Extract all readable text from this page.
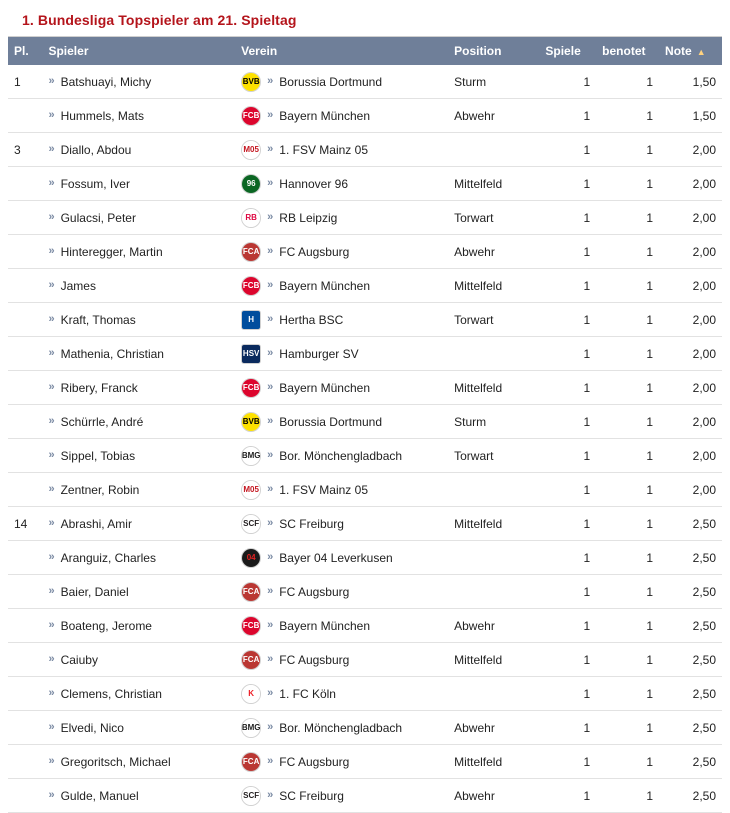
1. Bundesliga Topspieler am 21. Spieltag
Pl.	Spieler	Verein	Position	Spiele	benotet	Note ▲
1	» Batshuayi, Michy	BVB » Borussia Dortmund	Sturm	1	1	1,50

	» Hummels, Mats	FCB » Bayern München	Abwehr	1	1	1,50
3	» Diallo, Abdou	M05 » 1. FSV Mainz 05		1	1	2,00

	» Fossum, Iver	96 » Hannover 96	Mittelfeld	1	1	2,00

	» Gulacsi, Peter	RB » RB Leipzig	Torwart	1	1	2,00

	» Hinteregger, Martin	FCA » FC Augsburg	Abwehr	1	1	2,00

	» James	FCB » Bayern München	Mittelfeld	1	1	2,00

	» Kraft, Thomas	H » Hertha BSC	Torwart	1	1	2,00

	» Mathenia, Christian	HSV » Hamburger SV		1	1	2,00

	» Ribery, Franck	FCB » Bayern München	Mittelfeld	1	1	2,00

	» Schürrle, André	BVB » Borussia Dortmund	Sturm	1	1	2,00

	» Sippel, Tobias	BMG » Bor. Mönchengladbach	Torwart	1	1	2,00

	» Zentner, Robin	M05 » 1. FSV Mainz 05		1	1	2,00
14	» Abrashi, Amir	SCF » SC Freiburg	Mittelfeld	1	1	2,50

	» Aranguiz, Charles	04 » Bayer 04 Leverkusen		1	1	2,50

	» Baier, Daniel	FCA » FC Augsburg		1	1	2,50

	» Boateng, Jerome	FCB » Bayern München	Abwehr	1	1	2,50

	» Caiuby	FCA » FC Augsburg	Mittelfeld	1	1	2,50

	» Clemens, Christian	K » 1. FC Köln		1	1	2,50

	» Elvedi, Nico	BMG » Bor. Mönchengladbach	Abwehr	1	1	2,50

	» Gregoritsch, Michael	FCA » FC Augsburg	Mittelfeld	1	1	2,50

	» Gulde, Manuel	SCF » SC Freiburg	Abwehr	1	1	2,50
